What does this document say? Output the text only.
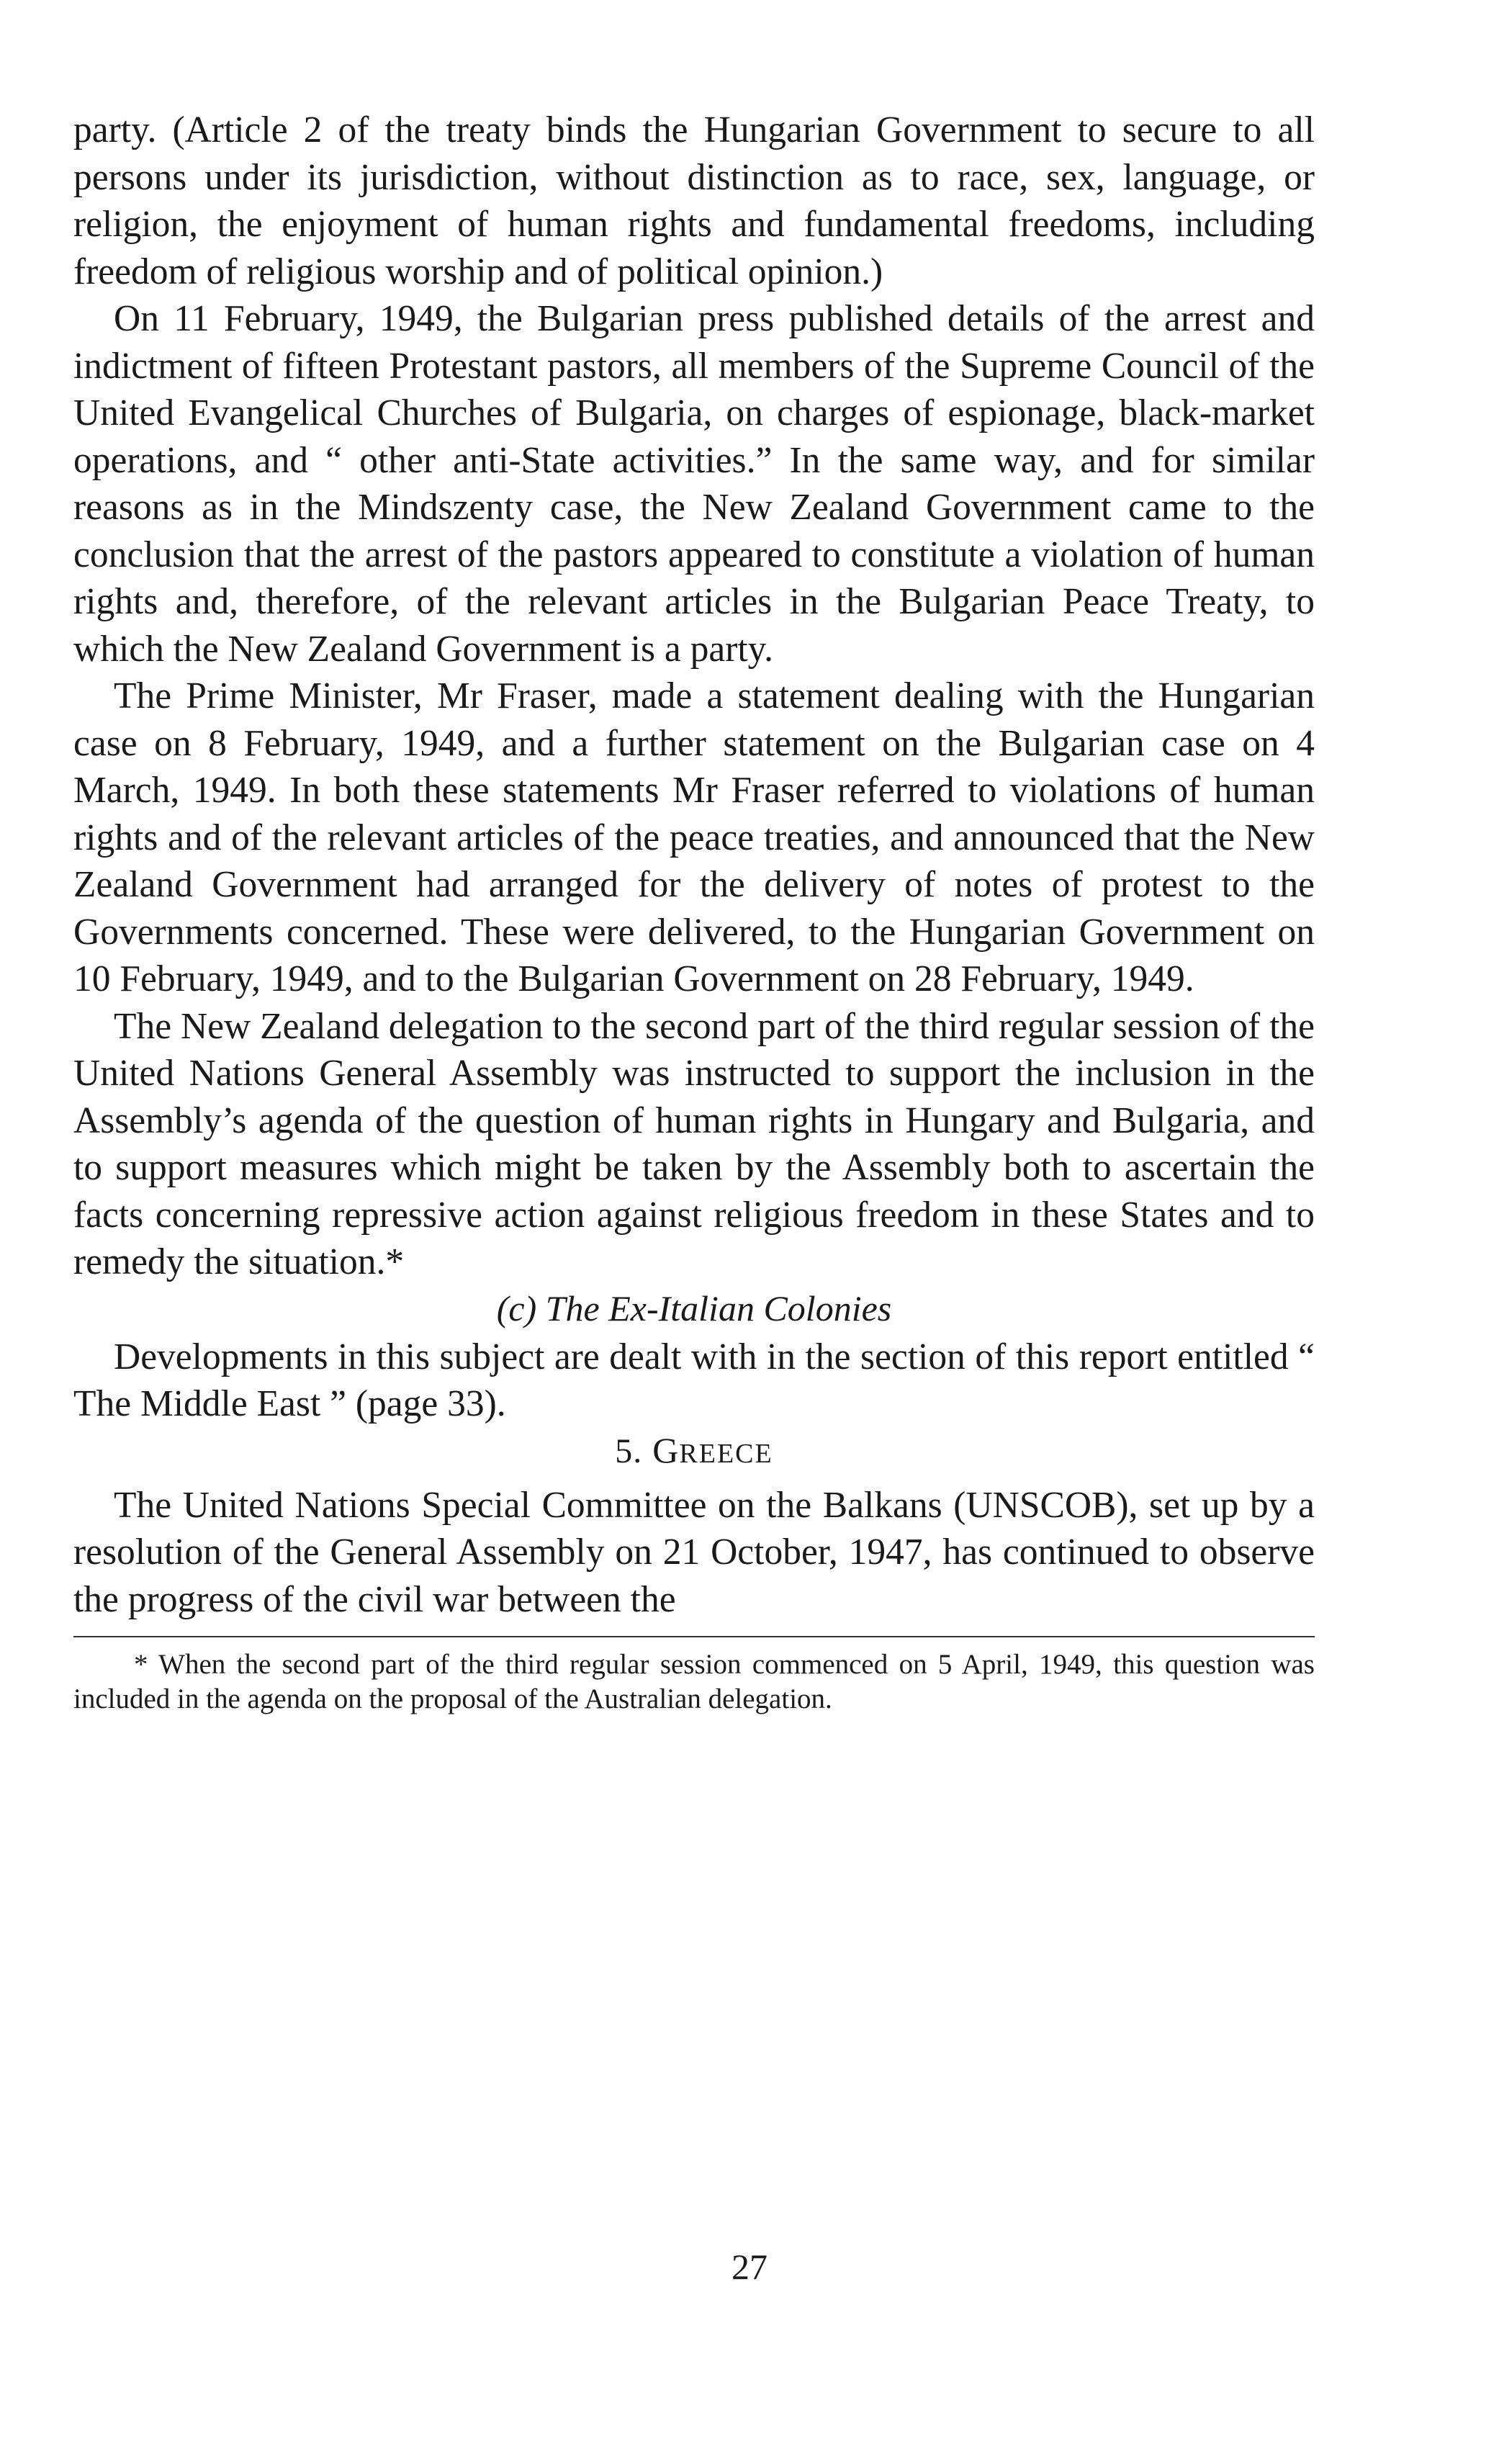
party. (Article 2 of the treaty binds the Hungarian Government to secure to all persons under its jurisdiction, without distinction as to race, sex, language, or religion, the enjoyment of human rights and fundamental freedoms, including freedom of religious worship and of political opinion.)

On 11 February, 1949, the Bulgarian press published details of the arrest and indictment of fifteen Protestant pastors, all members of the Supreme Council of the United Evangelical Churches of Bulgaria, on charges of espionage, black-market operations, and “ other anti-State activities.” In the same way, and for similar reasons as in the Mindszenty case, the New Zealand Government came to the conclusion that the arrest of the pastors appeared to constitute a violation of human rights and, therefore, of the relevant articles in the Bulgarian Peace Treaty, to which the New Zealand Government is a party.

The Prime Minister, Mr Fraser, made a statement dealing with the Hungarian case on 8 February, 1949, and a further statement on the Bulgarian case on 4 March, 1949. In both these statements Mr Fraser referred to violations of human rights and of the relevant articles of the peace treaties, and announced that the New Zealand Government had arranged for the delivery of notes of protest to the Governments concerned. These were delivered, to the Hungarian Government on 10 February, 1949, and to the Bulgarian Government on 28 February, 1949.

The New Zealand delegation to the second part of the third regular session of the United Nations General Assembly was instructed to support the inclusion in the Assembly’s agenda of the question of human rights in Hungary and Bulgaria, and to support measures which might be taken by the Assembly both to ascertain the facts concerning repressive action against religious freedom in these States and to remedy the situation.*

(c) The Ex-Italian Colonies

Developments in this subject are dealt with in the section of this report entitled “ The Middle East ” (page 33).

5. GREECE

The United Nations Special Committee on the Balkans (UNSCOB), set up by a resolution of the General Assembly on 21 October, 1947, has continued to observe the progress of the civil war between the

* When the second part of the third regular session commenced on 5 April, 1949, this question was included in the agenda on the proposal of the Australian delegation.

27
